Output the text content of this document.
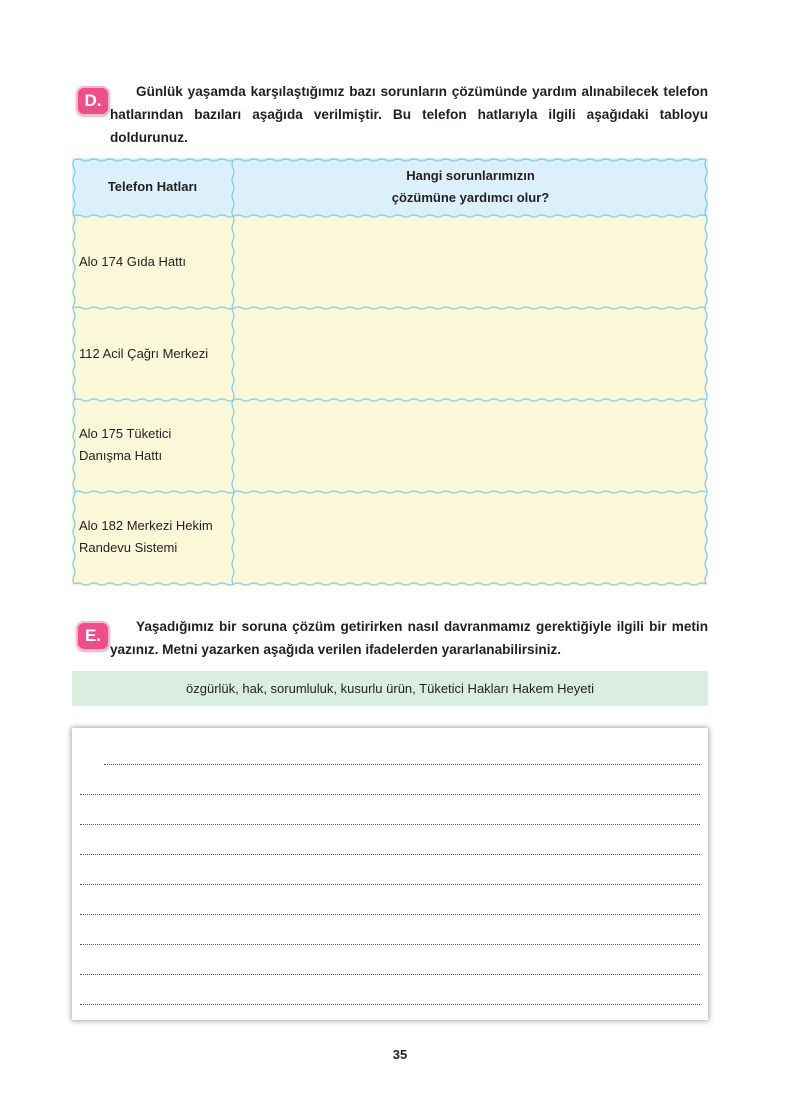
D.	Günlük yaşamda karşılaştığımız bazı sorunların çözümünde yardım alınabilecek telefon hatlarından bazıları aşağıda verilmiştir. Bu telefon hatlarıyla ilgili aşağıdaki tabloyu doldurunuz.

Telefon Hatları
Hangi sorunlarımızın
çözümüne yardımcı olur?
Alo 174 Gıda Hattı
112 Acil Çağrı Merkezi
Alo 175 Tüketici
Danışma Hattı
Alo 182 Merkezi Hekim
Randevu Sistemi
E.	Yaşadığımız bir soruna çözüm getirirken nasıl davranmamız gerektiğiyle ilgili bir metin yazınız. Metni yazarken aşağıda verilen ifadelerden yararlanabilirsiniz.

özgürlük, hak, sorumluluk, kusurlu ürün, Tüketici Hakları Hakem Heyeti
35
